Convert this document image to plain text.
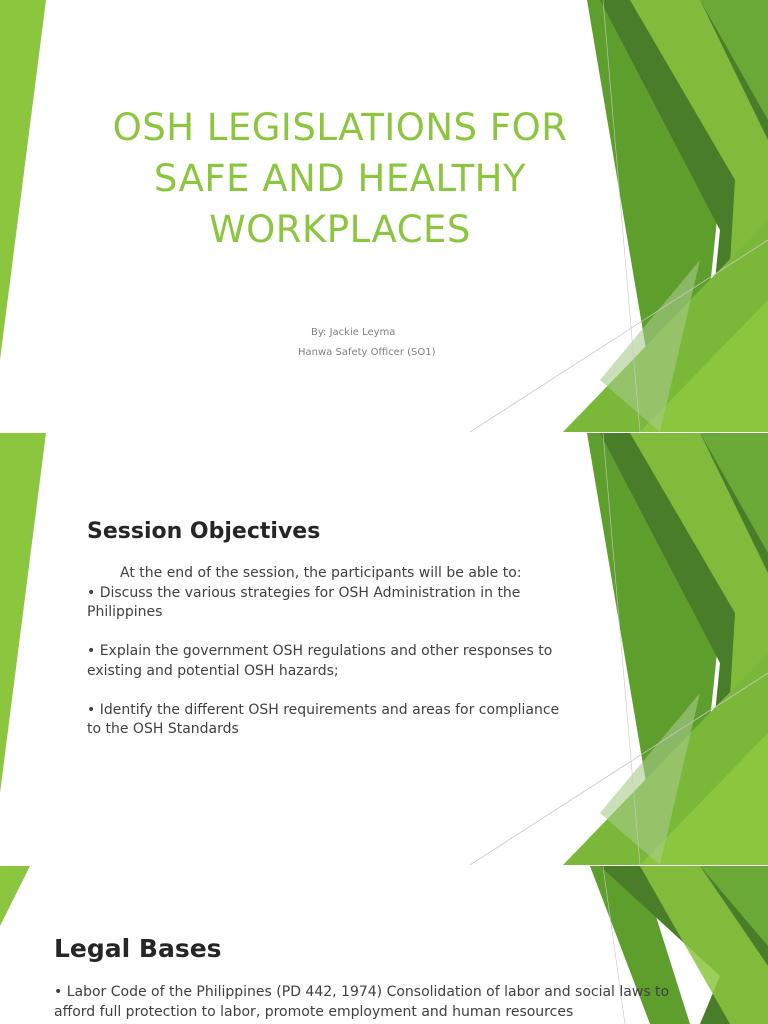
OSH LEGISLATIONS FOR
SAFE AND HEALTHY
WORKPLACES
By: Jackie Leyma
Hanwa Safety Officer (SO1)
Session Objectives

At the end of the session, the participants will be able to:

• Discuss the various strategies for OSH Administration in the Philippines

• Explain the government OSH regulations and other responses to existing and potential OSH hazards;

• Identify the different OSH requirements and areas for compliance to the OSH Standards

Legal Bases
• Labor Code of the Philippines (PD 442, 1974) Consolidation of labor and social laws to afford full protection to labor, promote employment and human resources
